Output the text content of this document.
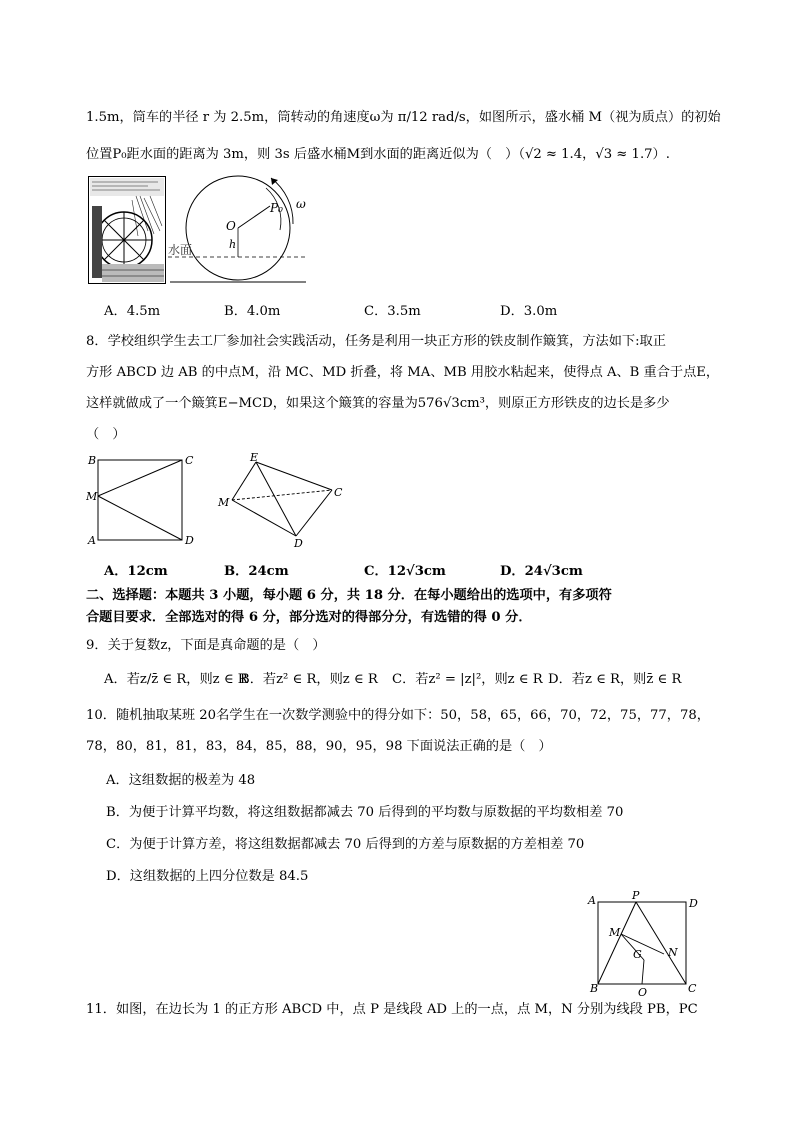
1.5m，筒车的半径 r 为 2.5m，筒转动的角速度ω为 π/12 rad/s，如图所示，盛水桶 M（视为质点）的初始
位置P₀距水面的距离为 3m，则 3s 后盛水桶M到水面的距离近似为（　）（√2 ≈ 1.4，√3 ≈ 1.7）.
O
P₀ ω
h
水面
A．4.5m	B．4.0m	C．3.5m	D．3.0m
8．学校组织学生去工厂参加社会实践活动，任务是利用一块正方形的铁皮制作簸箕，方法如下:取正
方形 ABCD 边 AB 的中点M，沿 MC、MD 折叠，将 MA、MB 用胶水粘起来，使得点 A、B 重合于点E，
这样就做成了一个簸箕E−MCD，如果这个簸箕的容量为576√3cm³，则原正方形铁皮的边长是多少
（　）
B	C
M
A	D
E
C
M
D
A．12cm	B．24cm	C．12√3cm	D．24√3cm
二、选择题：本题共 3 小题，每小题 6 分，共 18 分．在每小题给出的选项中，有多项符
合题目要求．全部选对的得 6 分，部分选对的得部分分，有选错的得 0 分．
9．关于复数z，下面是真命题的是（　）
A．若z/z̄ ∈ R，则z ∈ R
B．若z² ∈ R，则z ∈ R C．若z² = |z|²，则z ∈ R D．若z ∈ R，则z̄ ∈ R
10．随机抽取某班 20名学生在一次数学测验中的得分如下：50，58，65，66，70，72，75，77，78，
78，80，81，81，83，84，85，88，90，95，98 下面说法正确的是（　）
A．这组数据的极差为 48
B．为便于计算平均数，将这组数据都减去 70 后得到的平均数与原数据的平均数相差 70
C．为便于计算方差，将这组数据都减去 70 后得到的方差与原数据的方差相差 70
D．这组数据的上四分位数是 84.5
A	P
D
M
G N
B	O	C
11．如图，在边长为 1 的正方形 ABCD 中，点 P 是线段 AD 上的一点，点 M，N 分别为线段 PB，PC
